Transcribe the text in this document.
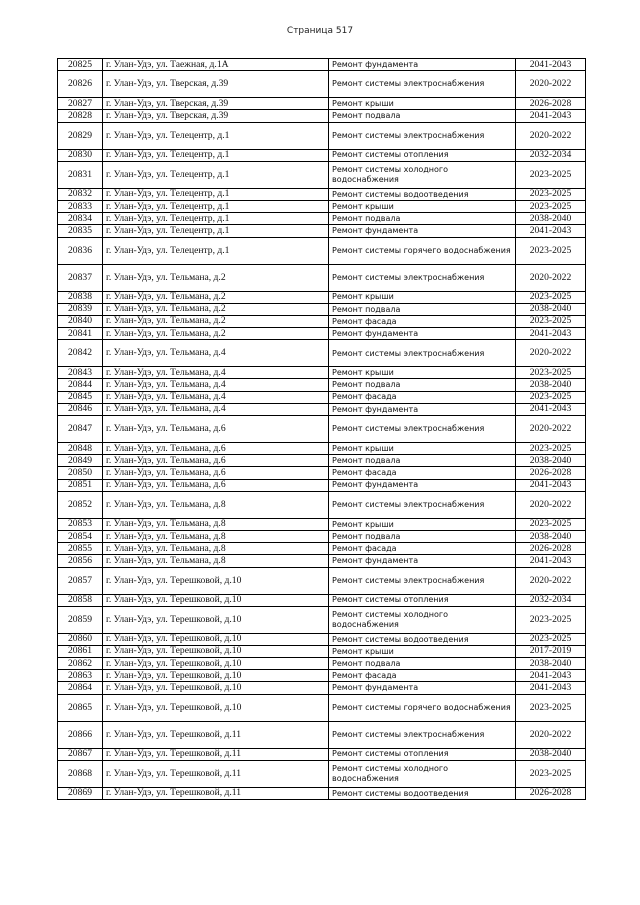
Страница 517
20825	г. Улан-Удэ, ул. Таежная, д.1А	Ремонт фундамента	2041-2043
20826	г. Улан-Удэ, ул. Тверская, д.39	Ремонт системы электроснабжения	2020-2022
20827	г. Улан-Удэ, ул. Тверская, д.39	Ремонт крыши	2026-2028
20828	г. Улан-Удэ, ул. Тверская, д.39	Ремонт подвала	2041-2043
20829	г. Улан-Удэ, ул. Телецентр, д.1	Ремонт системы электроснабжения	2020-2022
20830	г. Улан-Удэ, ул. Телецентр, д.1	Ремонт системы отопления	2032-2034
20831	г. Улан-Удэ, ул. Телецентр, д.1	Ремонт системы холодного водоснабжения	2023-2025
20832	г. Улан-Удэ, ул. Телецентр, д.1	Ремонт системы водоотведения	2023-2025
20833	г. Улан-Удэ, ул. Телецентр, д.1	Ремонт крыши	2023-2025
20834	г. Улан-Удэ, ул. Телецентр, д.1	Ремонт подвала	2038-2040
20835	г. Улан-Удэ, ул. Телецентр, д.1	Ремонт фундамента	2041-2043
20836	г. Улан-Удэ, ул. Телецентр, д.1	Ремонт системы горячего водоснабжения	2023-2025
20837	г. Улан-Удэ, ул. Тельмана, д.2	Ремонт системы электроснабжения	2020-2022
20838	г. Улан-Удэ, ул. Тельмана, д.2	Ремонт крыши	2023-2025
20839	г. Улан-Удэ, ул. Тельмана, д.2	Ремонт подвала	2038-2040
20840	г. Улан-Удэ, ул. Тельмана, д.2	Ремонт фасада	2023-2025
20841	г. Улан-Удэ, ул. Тельмана, д.2	Ремонт фундамента	2041-2043
20842	г. Улан-Удэ, ул. Тельмана, д.4	Ремонт системы электроснабжения	2020-2022
20843	г. Улан-Удэ, ул. Тельмана, д.4	Ремонт крыши	2023-2025
20844	г. Улан-Удэ, ул. Тельмана, д.4	Ремонт подвала	2038-2040
20845	г. Улан-Удэ, ул. Тельмана, д.4	Ремонт фасада	2023-2025
20846	г. Улан-Удэ, ул. Тельмана, д.4	Ремонт фундамента	2041-2043
20847	г. Улан-Удэ, ул. Тельмана, д.6	Ремонт системы электроснабжения	2020-2022
20848	г. Улан-Удэ, ул. Тельмана, д.6	Ремонт крыши	2023-2025
20849	г. Улан-Удэ, ул. Тельмана, д.6	Ремонт подвала	2038-2040
20850	г. Улан-Удэ, ул. Тельмана, д.6	Ремонт фасада	2026-2028
20851	г. Улан-Удэ, ул. Тельмана, д.6	Ремонт фундамента	2041-2043
20852	г. Улан-Удэ, ул. Тельмана, д.8	Ремонт системы электроснабжения	2020-2022
20853	г. Улан-Удэ, ул. Тельмана, д.8	Ремонт крыши	2023-2025
20854	г. Улан-Удэ, ул. Тельмана, д.8	Ремонт подвала	2038-2040
20855	г. Улан-Удэ, ул. Тельмана, д.8	Ремонт фасада	2026-2028
20856	г. Улан-Удэ, ул. Тельмана, д.8	Ремонт фундамента	2041-2043
20857	г. Улан-Удэ, ул. Терешковой, д.10	Ремонт системы электроснабжения	2020-2022
20858	г. Улан-Удэ, ул. Терешковой, д.10	Ремонт системы отопления	2032-2034
20859	г. Улан-Удэ, ул. Терешковой, д.10	Ремонт системы холодного водоснабжения	2023-2025
20860	г. Улан-Удэ, ул. Терешковой, д.10	Ремонт системы водоотведения	2023-2025
20861	г. Улан-Удэ, ул. Терешковой, д.10	Ремонт крыши	2017-2019
20862	г. Улан-Удэ, ул. Терешковой, д.10	Ремонт подвала	2038-2040
20863	г. Улан-Удэ, ул. Терешковой, д.10	Ремонт фасада	2041-2043
20864	г. Улан-Удэ, ул. Терешковой, д.10	Ремонт фундамента	2041-2043
20865	г. Улан-Удэ, ул. Терешковой, д.10	Ремонт системы горячего водоснабжения	2023-2025
20866	г. Улан-Удэ, ул. Терешковой, д.11	Ремонт системы электроснабжения	2020-2022
20867	г. Улан-Удэ, ул. Терешковой, д.11	Ремонт системы отопления	2038-2040
20868	г. Улан-Удэ, ул. Терешковой, д.11	Ремонт системы холодного водоснабжения	2023-2025
20869	г. Улан-Удэ, ул. Терешковой, д.11	Ремонт системы водоотведения	2026-2028
